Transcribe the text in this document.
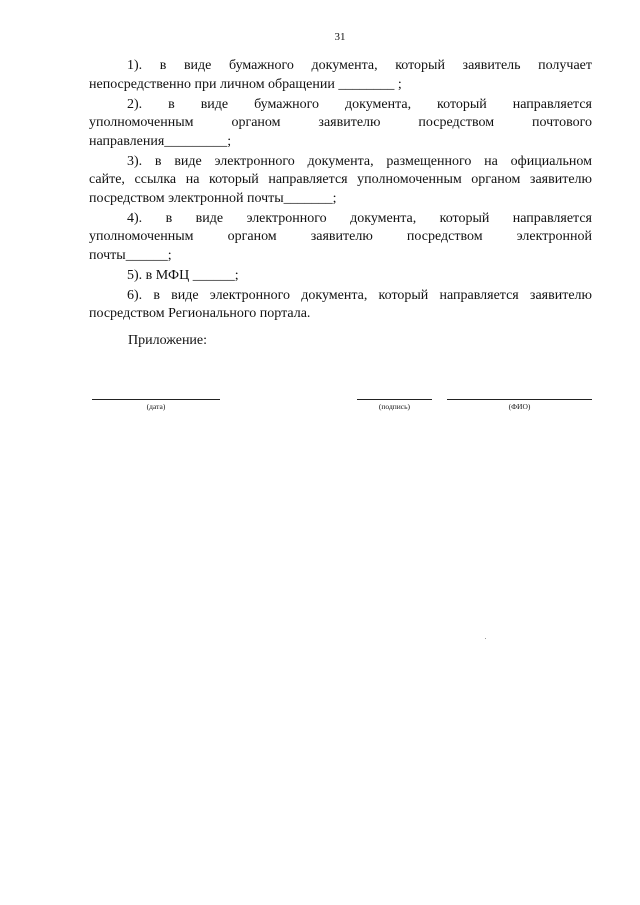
31
1). в виде бумажного документа, который заявитель получает
непосредственно при личном обращении ________ ;
2). в виде бумажного документа, который направляется
уполномоченным органом заявителю посредством почтового
направления_________;
3). в виде электронного документа, размещенного на официальном
сайте, ссылка на который направляется уполномоченным органом заявителю
посредством электронной почты_______;
4). в виде электронного документа, который направляется
уполномоченным органом заявителю посредством электронной
почты______;
5). в МФЦ ______;
6). в виде электронного документа, который направляется заявителю
посредством Регионального портала.
Приложение:
(дата)	(подпись)	(ФИО)
